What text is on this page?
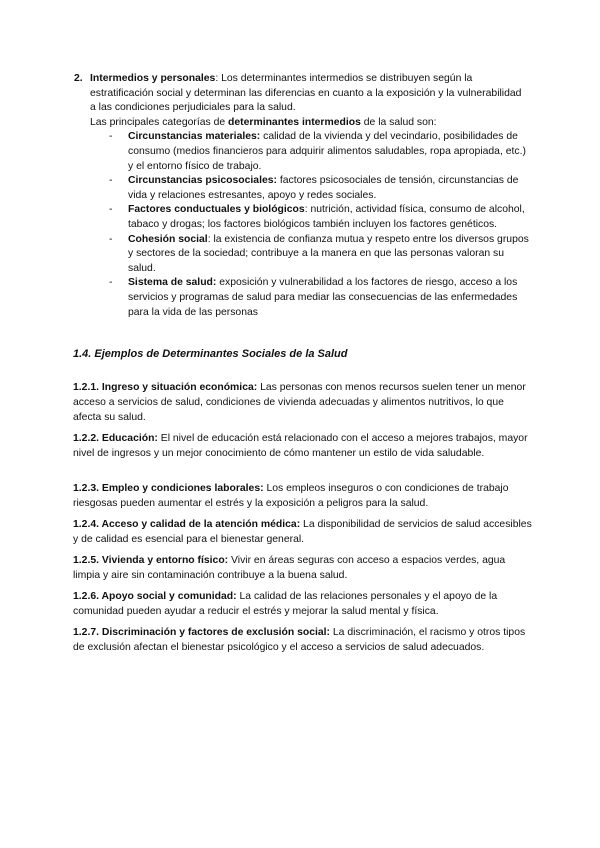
2. Intermedios y personales: Los determinantes intermedios se distribuyen según la estratificación social y determinan las diferencias en cuanto a la exposición y la vulnerabilidad a las condiciones perjudiciales para la salud.

Las principales categorías de determinantes intermedios de la salud son:

- Circunstancias materiales: calidad de la vivienda y del vecindario, posibilidades de consumo (medios financieros para adquirir alimentos saludables, ropa apropiada, etc.) y el entorno físico de trabajo.
- Circunstancias psicosociales: factores psicosociales de tensión, circunstancias de vida y relaciones estresantes, apoyo y redes sociales.
- Factores conductuales y biológicos: nutrición, actividad física, consumo de alcohol, tabaco y drogas; los factores biológicos también incluyen los factores genéticos.
- Cohesión social: la existencia de confianza mutua y respeto entre los diversos grupos y sectores de la sociedad; contribuye a la manera en que las personas valoran su salud.
- Sistema de salud: exposición y vulnerabilidad a los factores de riesgo, acceso a los servicios y programas de salud para mediar las consecuencias de las enfermedades para la vida de las personas
1.4. Ejemplos de Determinantes Sociales de la Salud

1.2.1. Ingreso y situación económica: Las personas con menos recursos suelen tener un menor acceso a servicios de salud, condiciones de vivienda adecuadas y alimentos nutritivos, lo que afecta su salud.

1.2.2. Educación: El nivel de educación está relacionado con el acceso a mejores trabajos, mayor nivel de ingresos y un mejor conocimiento de cómo mantener un estilo de vida saludable.

1.2.3. Empleo y condiciones laborales: Los empleos inseguros o con condiciones de trabajo riesgosas pueden aumentar el estrés y la exposición a peligros para la salud.

1.2.4. Acceso y calidad de la atención médica: La disponibilidad de servicios de salud accesibles y de calidad es esencial para el bienestar general.

1.2.5. Vivienda y entorno físico: Vivir en áreas seguras con acceso a espacios verdes, agua limpia y aire sin contaminación contribuye a la buena salud.

1.2.6. Apoyo social y comunidad: La calidad de las relaciones personales y el apoyo de la comunidad pueden ayudar a reducir el estrés y mejorar la salud mental y física.

1.2.7. Discriminación y factores de exclusión social: La discriminación, el racismo y otros tipos de exclusión afectan el bienestar psicológico y el acceso a servicios de salud adecuados.
